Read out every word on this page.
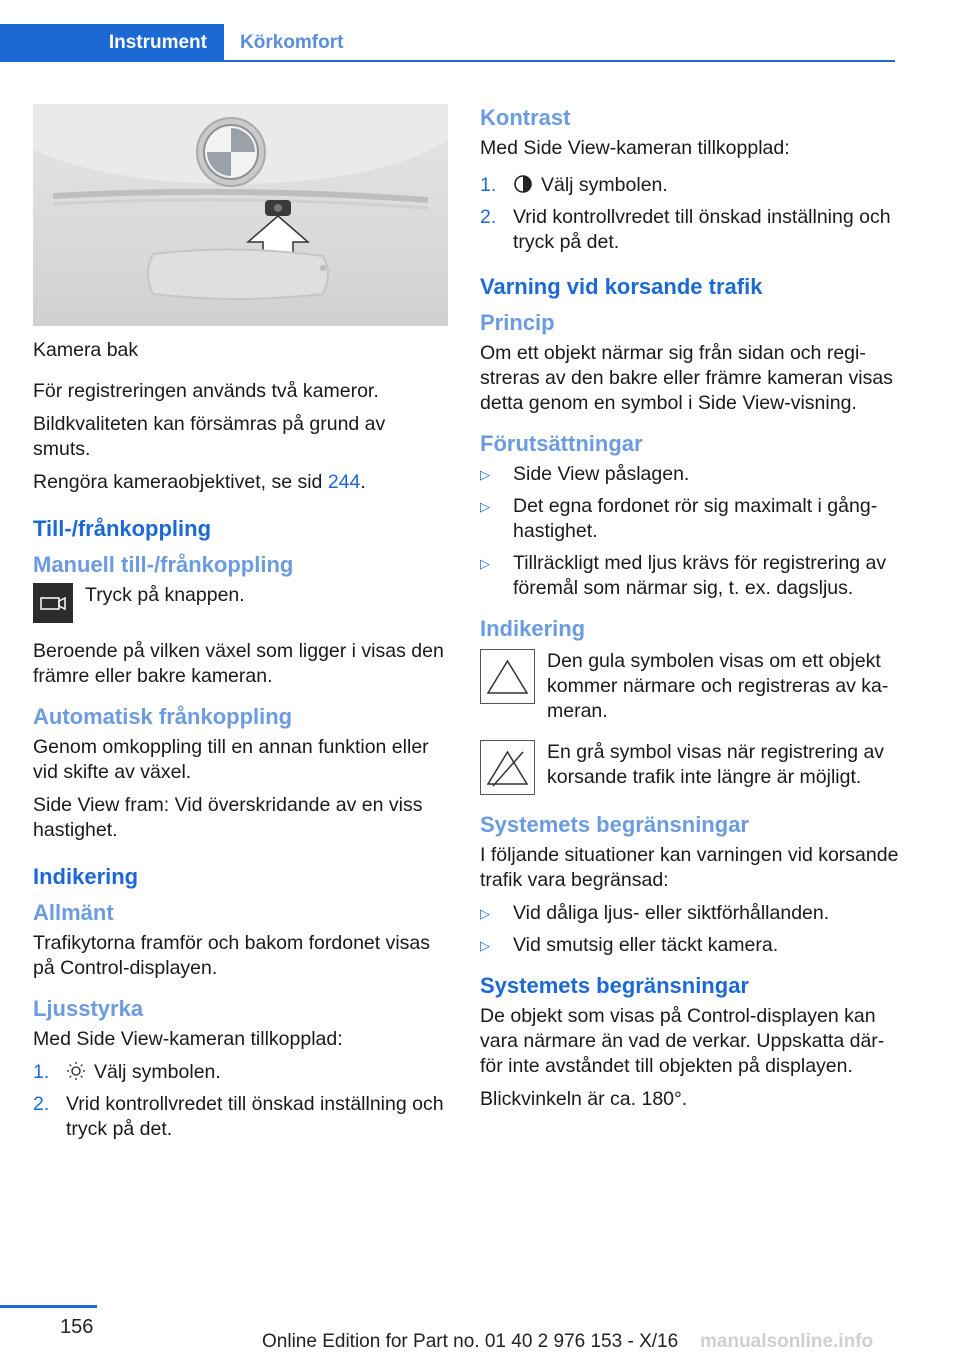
Instrument	Körkomfort

Kamera bak

För registreringen används två kameror.

Bildkvaliteten kan försämras på grund av smuts.

Rengöra kameraobjektivet, se sid 244.

Till-/frånkoppling
Manuell till-/frånkoppling

Tryck på knappen.

Beroende på vilken växel som ligger i visas den främre eller bakre kameran.

Automatisk frånkoppling

Genom omkoppling till en annan funktion eller vid skifte av växel.

Side View fram: Vid överskridande av en viss hastighet.

Indikering
Allmänt

Trafikytorna framför och bakom fordonet visas på Control-displayen.

Ljusstyrka

Med Side View-kameran tillkopplad:

1.	Välj symbolen.
2. Vrid kontrollvredet till önskad inställning och tryck på det.
Kontrast

Med Side View-kameran tillkopplad:

1.	Välj symbolen.
2. Vrid kontrollvredet till önskad inställning och tryck på det.
Varning vid korsande trafik
Princip

Om ett objekt närmar sig från sidan och registreras av den bakre eller främre kameran visas detta genom en symbol i Side View-visning.

Förutsättningar
▷	Side View påslagen.
▷	Det egna fordonet rör sig maximalt i gånghastighet.
▷	Tillräckligt med ljus krävs för registrering av föremål som närmar sig, t. ex. dagsljus.
Indikering

Den gula symbolen visas om ett objekt kommer närmare och registreras av kameran.

En grå symbol visas när registrering av korsande trafik inte längre är möjligt.

Systemets begränsningar

I följande situationer kan varningen vid korsande trafik vara begränsad:

▷	Vid dåliga ljus- eller siktförhållanden.
▷	Vid smutsig eller täckt kamera.
Systemets begränsningar

De objekt som visas på Control-displayen kan vara närmare än vad de verkar. Uppskatta därför inte avståndet till objekten på displayen.

Blickvinkeln är ca. 180°.

156
Online Edition for Part no. 01 40 2 976 153 - X/16 manualsonline.info
